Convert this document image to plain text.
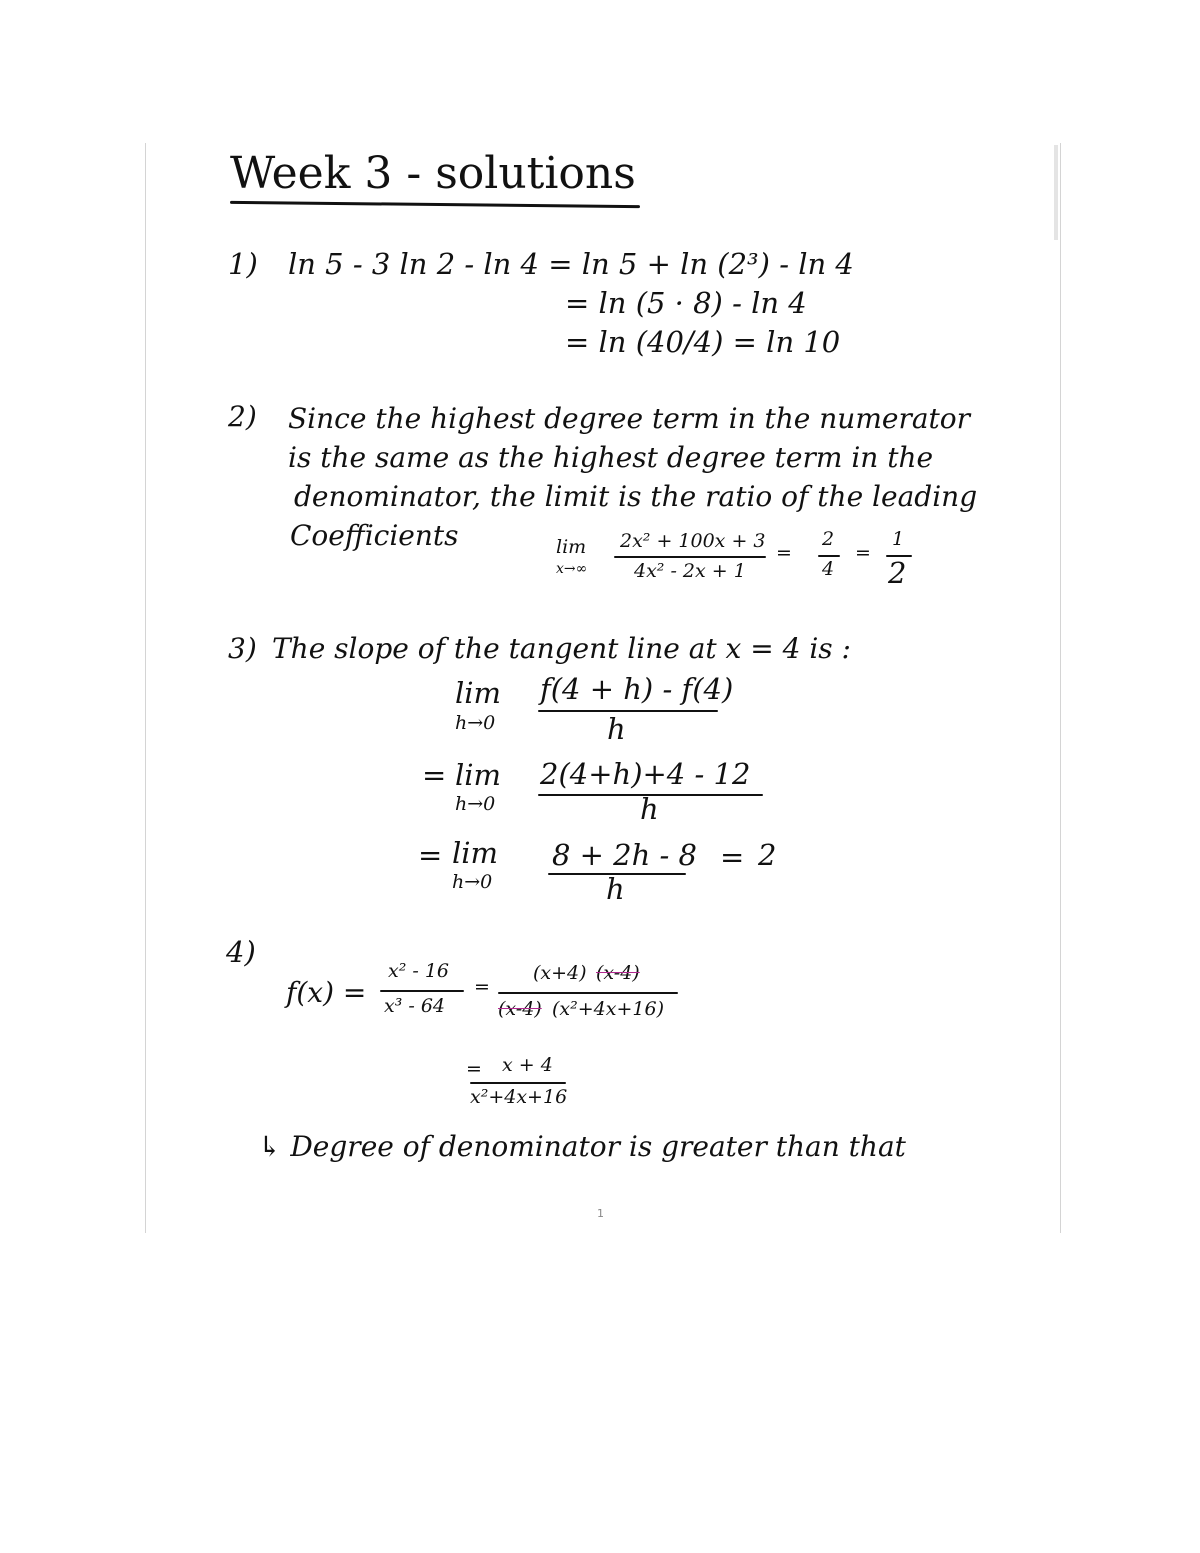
Week 3 - solutions
1) ln 5 - 3 ln 2 - ln 4 = ln 5 + ln (2³) - ln 4
= ln (5 · 8) - ln 4
= ln (40/4) = ln 10
2) Since the highest degree term in the numerator
is the same as the highest degree term in the
denominator, the limit is the ratio of the leading
Coefficients	lim
x→∞
2x² + 100x + 3
4x² - 2x + 1
=
2
4
=
1
2
3) The slope of the tangent line at x = 4 is :
lim
h→0
f(4 + h) - f(4)
h
= lim
h→0
2(4+h)+4 - 12
h
= lim
h→0
8 + 2h - 8
h
= 2
4)
f(x) =
x² - 16
x³ - 64
=
(x+4) (x-4)
(x-4) (x²+4x+16)
= x + 4
x²+4x+16
↳ Degree of denominator is greater than that
1
